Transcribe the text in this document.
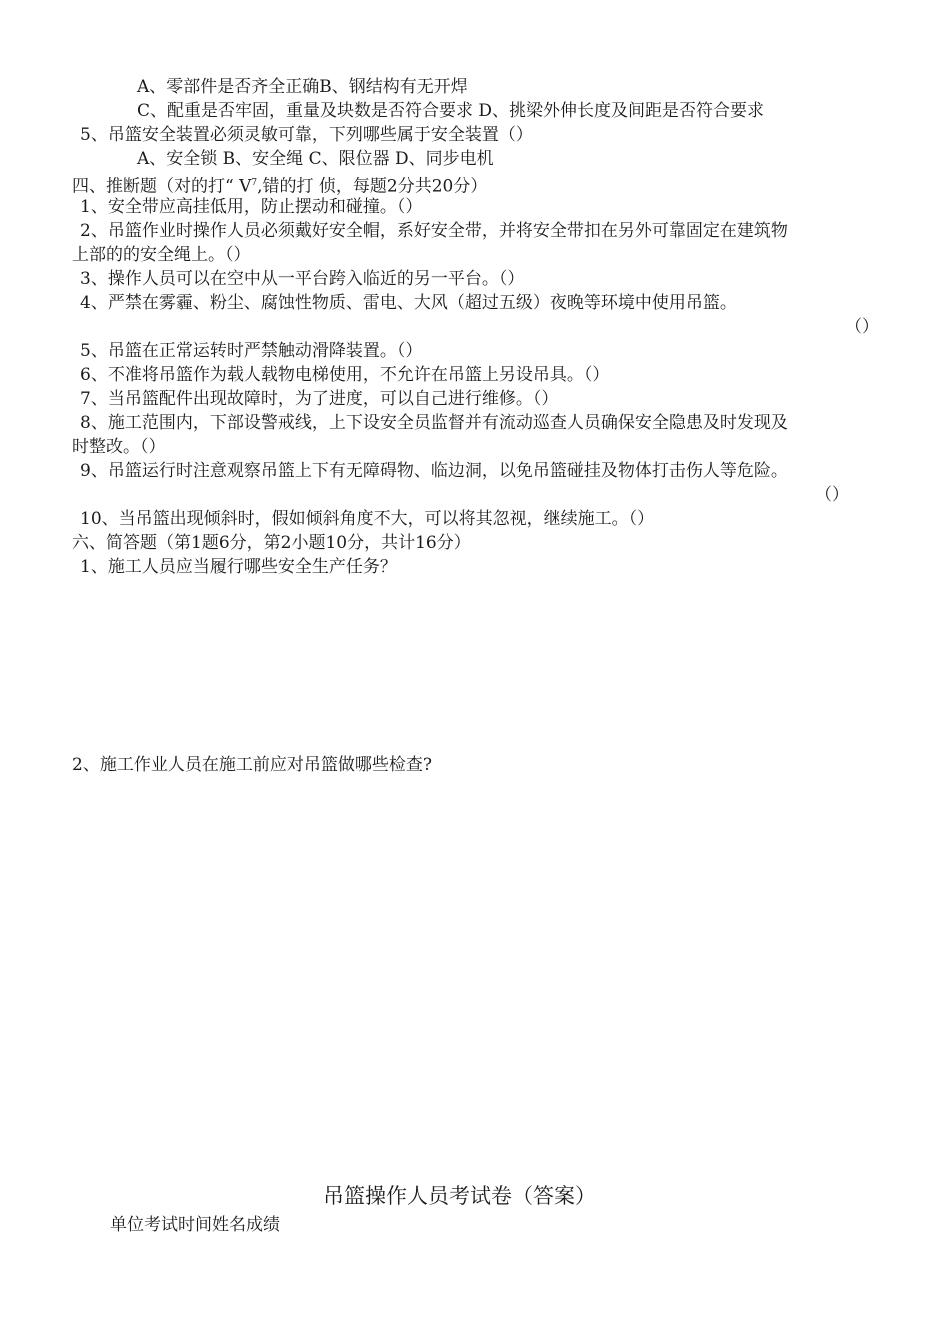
A、零部件是否齐全正确B、钢结构有无开焊
C、配重是否牢固，重量及块数是否符合要求 D、挑梁外伸长度及间距是否符合要求
5、吊篮安全装置必须灵敏可靠，下列哪些属于安全装置（）
A、安全锁 B、安全绳 C、限位器 D、同步电机
四、推断题（对的打“ $V^7$,错的打 侦，每题2分共20分）
1、安全带应高挂低用，防止摆动和碰撞。（）
2、吊篮作业时操作人员必须戴好安全帽，系好安全带，并将安全带扣在另外可靠固定在建筑物
上部的的安全绳上。（）
3、操作人员可以在空中从一平台跨入临近的另一平台。（）
4、严禁在雾霾、粉尘、腐蚀性物质、雷电、大风（超过五级）夜晚等环境中使用吊篮。
（）
5、吊篮在正常运转时严禁触动滑降装置。（）
6、不准将吊篮作为载人载物电梯使用，不允许在吊篮上另设吊具。（）
7、当吊篮配件出现故障时，为了进度，可以自己进行维修。（）
8、施工范围内，下部设警戒线，上下设安全员监督并有流动巡查人员确保安全隐患及时发现及
时整改。（）
9、吊篮运行时注意观察吊篮上下有无障碍物、临边洞，以免吊篮碰挂及物体打击伤人等危险。
（）
10、当吊篮出现倾斜时，假如倾斜角度不大，可以将其忽视，继续施工。（）
六、简答题（第1题6分，第2小题10分，共计16分）
1、施工人员应当履行哪些安全生产任务？
2、施工作业人员在施工前应对吊篮做哪些检查?
吊篮操作人员考试卷（答案）
单位考试时间姓名成绩
